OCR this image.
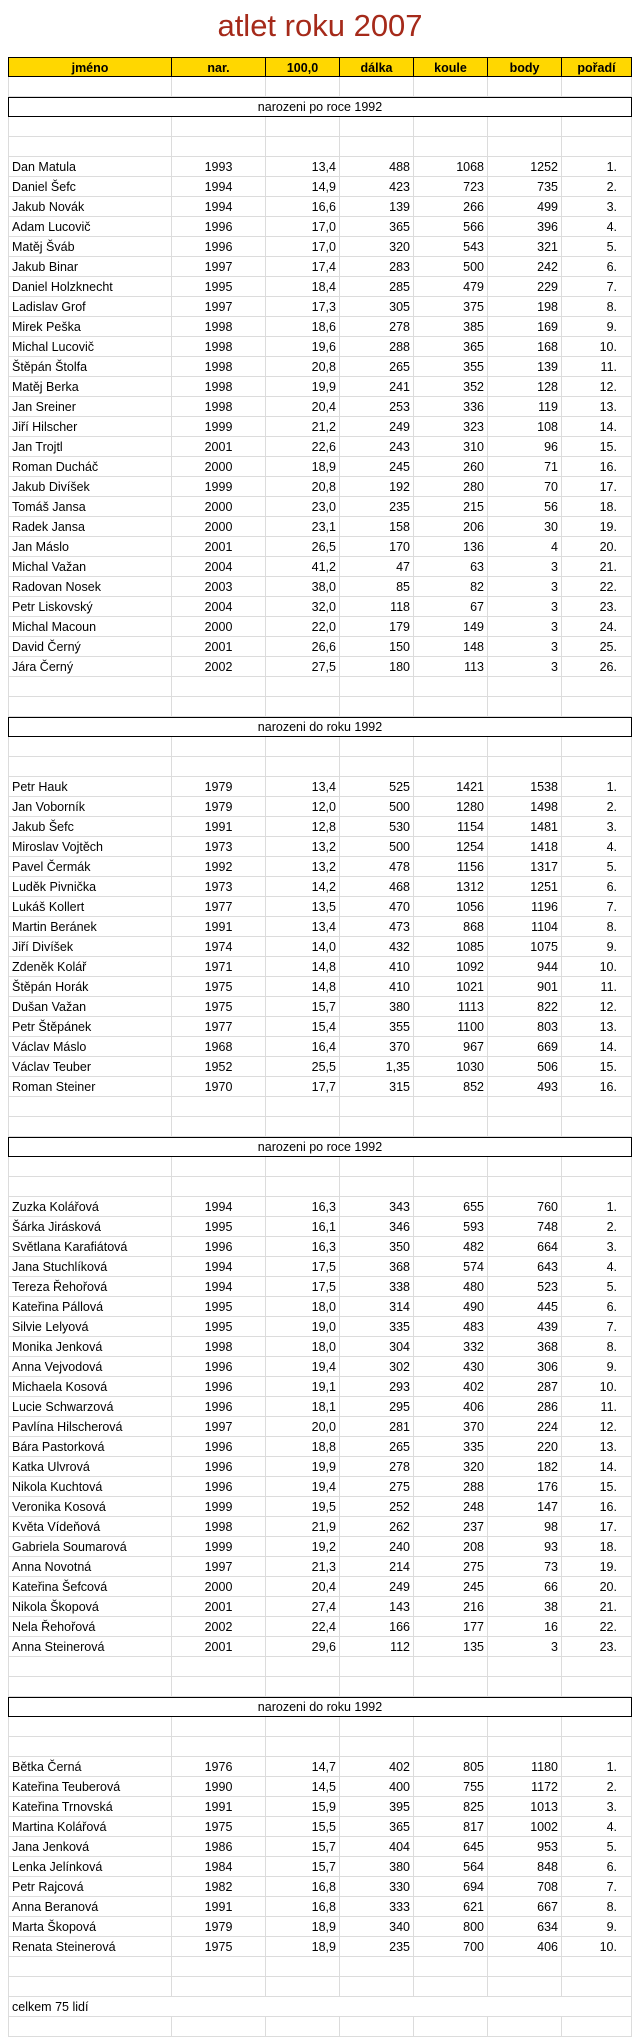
atlet roku 2007
jméno	nar.	100,0	dálka	koule	body	pořadí
narozeni po roce 1992
Dan Matula	1993	13,4	488	1068	1252	1.
Daniel Šefc	1994	14,9	423	723	735	2.
Jakub Novák	1994	16,6	139	266	499	3.
Adam Lucovič	1996	17,0	365	566	396	4.
Matěj Šváb	1996	17,0	320	543	321	5.
Jakub Binar	1997	17,4	283	500	242	6.
Daniel Holzknecht	1995	18,4	285	479	229	7.
Ladislav Grof	1997	17,3	305	375	198	8.
Mirek Peška	1998	18,6	278	385	169	9.
Michal Lucovič	1998	19,6	288	365	168	10.
Štěpán Štolfa	1998	20,8	265	355	139	11.
Matěj Berka	1998	19,9	241	352	128	12.
Jan Sreiner	1998	20,4	253	336	119	13.
Jiří Hilscher	1999	21,2	249	323	108	14.
Jan Trojtl	2001	22,6	243	310	96	15.
Roman Ducháč	2000	18,9	245	260	71	16.
Jakub Divíšek	1999	20,8	192	280	70	17.
Tomáš Jansa	2000	23,0	235	215	56	18.
Radek Jansa	2000	23,1	158	206	30	19.
Jan Máslo	2001	26,5	170	136	4	20.
Michal Važan	2004	41,2	47	63	3	21.
Radovan Nosek	2003	38,0	85	82	3	22.
Petr Liskovský	2004	32,0	118	67	3	23.
Michal Macoun	2000	22,0	179	149	3	24.
David Černý	2001	26,6	150	148	3	25.
Jára Černý	2002	27,5	180	113	3	26.
narozeni do roku 1992
Petr Hauk	1979	13,4	525	1421	1538	1.
Jan Voborník	1979	12,0	500	1280	1498	2.
Jakub Šefc	1991	12,8	530	1154	1481	3.
Miroslav Vojtěch	1973	13,2	500	1254	1418	4.
Pavel Čermák	1992	13,2	478	1156	1317	5.
Luděk Pivnička	1973	14,2	468	1312	1251	6.
Lukáš Kollert	1977	13,5	470	1056	1196	7.
Martin Beránek	1991	13,4	473	868	1104	8.
Jiří Divíšek	1974	14,0	432	1085	1075	9.
Zdeněk Kolář	1971	14,8	410	1092	944	10.
Štěpán Horák	1975	14,8	410	1021	901	11.
Dušan Važan	1975	15,7	380	1113	822	12.
Petr Štěpánek	1977	15,4	355	1100	803	13.
Václav Máslo	1968	16,4	370	967	669	14.
Václav Teuber	1952	25,5	1,35	1030	506	15.
Roman Steiner	1970	17,7	315	852	493	16.
narozeni po roce 1992
Zuzka Kolářová	1994	16,3	343	655	760	1.
Šárka Jirásková	1995	16,1	346	593	748	2.
Světlana Karafiátová	1996	16,3	350	482	664	3.
Jana Stuchlíková	1994	17,5	368	574	643	4.
Tereza Řehořová	1994	17,5	338	480	523	5.
Kateřina Pállová	1995	18,0	314	490	445	6.
Silvie Lelyová	1995	19,0	335	483	439	7.
Monika Jenková	1998	18,0	304	332	368	8.
Anna Vejvodová	1996	19,4	302	430	306	9.
Michaela Kosová	1996	19,1	293	402	287	10.
Lucie Schwarzová	1996	18,1	295	406	286	11.
Pavlína Hilscherová	1997	20,0	281	370	224	12.
Bára Pastorková	1996	18,8	265	335	220	13.
Katka Ulvrová	1996	19,9	278	320	182	14.
Nikola Kuchtová	1996	19,4	275	288	176	15.
Veronika Kosová	1999	19,5	252	248	147	16.
Květa Vídeňová	1998	21,9	262	237	98	17.
Gabriela Soumarová	1999	19,2	240	208	93	18.
Anna Novotná	1997	21,3	214	275	73	19.
Kateřina Šefcová	2000	20,4	249	245	66	20.
Nikola Škopová	2001	27,4	143	216	38	21.
Nela Řehořová	2002	22,4	166	177	16	22.
Anna Steinerová	2001	29,6	112	135	3	23.
narozeni do roku 1992
Bětka Černá	1976	14,7	402	805	1180	1.
Kateřina Teuberová	1990	14,5	400	755	1172	2.
Kateřina Trnovská	1991	15,9	395	825	1013	3.
Martina Kolářová	1975	15,5	365	817	1002	4.
Jana Jenková	1986	15,7	404	645	953	5.
Lenka Jelínková	1984	15,7	380	564	848	6.
Petr Rajcová	1982	16,8	330	694	708	7.
Anna Beranová	1991	16,8	333	621	667	8.
Marta Škopová	1979	18,9	340	800	634	9.
Renata Steinerová	1975	18,9	235	700	406	10.
celkem 75 lidí
